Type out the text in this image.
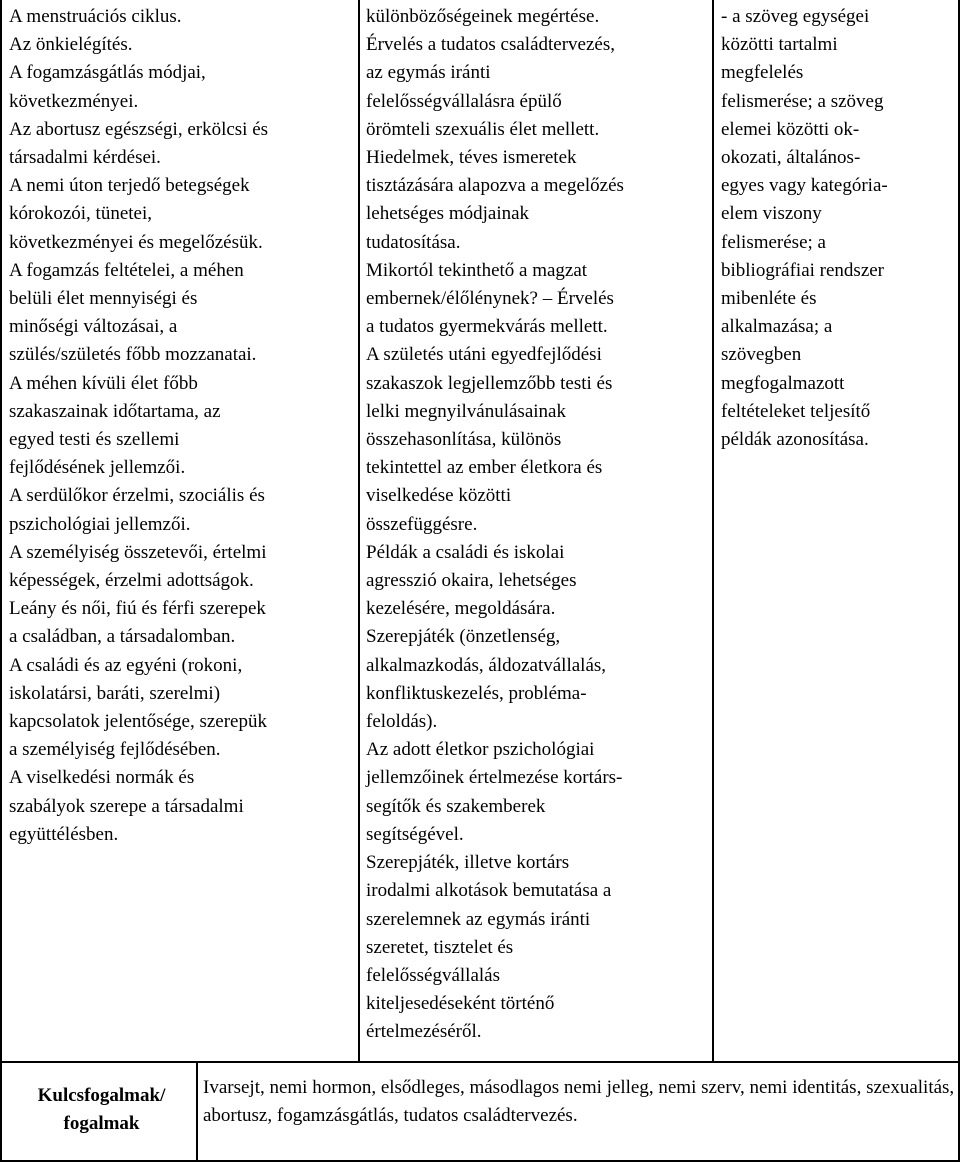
A menstruációs ciklus.
Az önkielégítés.
A fogamzásgátlás módjai,
következményei.
Az abortusz egészségi, erkölcsi és
társadalmi kérdései.
A nemi úton terjedő betegségek
kórokozói, tünetei,
következményei és megelőzésük.
A fogamzás feltételei, a méhen
belüli élet mennyiségi és
minőségi változásai, a
szülés/születés főbb mozzanatai.
A méhen kívüli élet főbb
szakaszainak időtartama, az
egyed testi és szellemi
fejlődésének jellemzői.
A serdülőkor érzelmi, szociális és
pszichológiai jellemzői.
A személyiség összetevői, értelmi
képességek, érzelmi adottságok.
Leány és női, fiú és férfi szerepek
a családban, a társadalomban.
A családi és az egyéni (rokoni,
iskolatársi, baráti, szerelmi)
kapcsolatok jelentősége, szerepük
a személyiség fejlődésében.
A viselkedési normák és
szabályok szerepe a társadalmi
együttélésben.
különbözőségeinek megértése.
Érvelés a tudatos családtervezés,
az egymás iránti
felelősségvállalásra épülő
örömteli szexuális élet mellett.
Hiedelmek, téves ismeretek
tisztázására alapozva a megelőzés
lehetséges módjainak
tudatosítása.
Mikortól tekinthető a magzat
embernek/élőlénynek? – Érvelés
a tudatos gyermekvárás mellett.
A születés utáni egyedfejlődési
szakaszok legjellemzőbb testi és
lelki megnyilvánulásainak
összehasonlítása, különös
tekintettel az ember életkora és
viselkedése közötti
összefüggésre.
Példák a családi és iskolai
agresszió okaira, lehetséges
kezelésére, megoldására.
Szerepjáték (önzetlenség,
alkalmazkodás, áldozatvállalás,
konfliktuskezelés, probléma-
feloldás).
Az adott életkor pszichológiai
jellemzőinek értelmezése kortárs-
segítők és szakemberek
segítségével.
Szerepjáték, illetve kortárs
irodalmi alkotások bemutatása a
szerelemnek az egymás iránti
szeretet, tisztelet és
felelősségvállalás
kiteljesedéseként történő
értelmezéséről.
- a szöveg egységei
közötti tartalmi
megfelelés
felismerése; a szöveg
elemei közötti ok-
okozati, általános-
egyes vagy kategória-
elem viszony
felismerése; a
bibliográfiai rendszer
mibenléte és
alkalmazása; a
szövegben
megfogalmazott
feltételeket teljesítő
példák azonosítása.
Kulcsfogalmak/
fogalmak
Ivarsejt, nemi hormon, elsődleges, másodlagos nemi jelleg, nemi szerv, nemi identitás, szexualitás, abortusz, fogamzásgátlás, tudatos családtervezés.
